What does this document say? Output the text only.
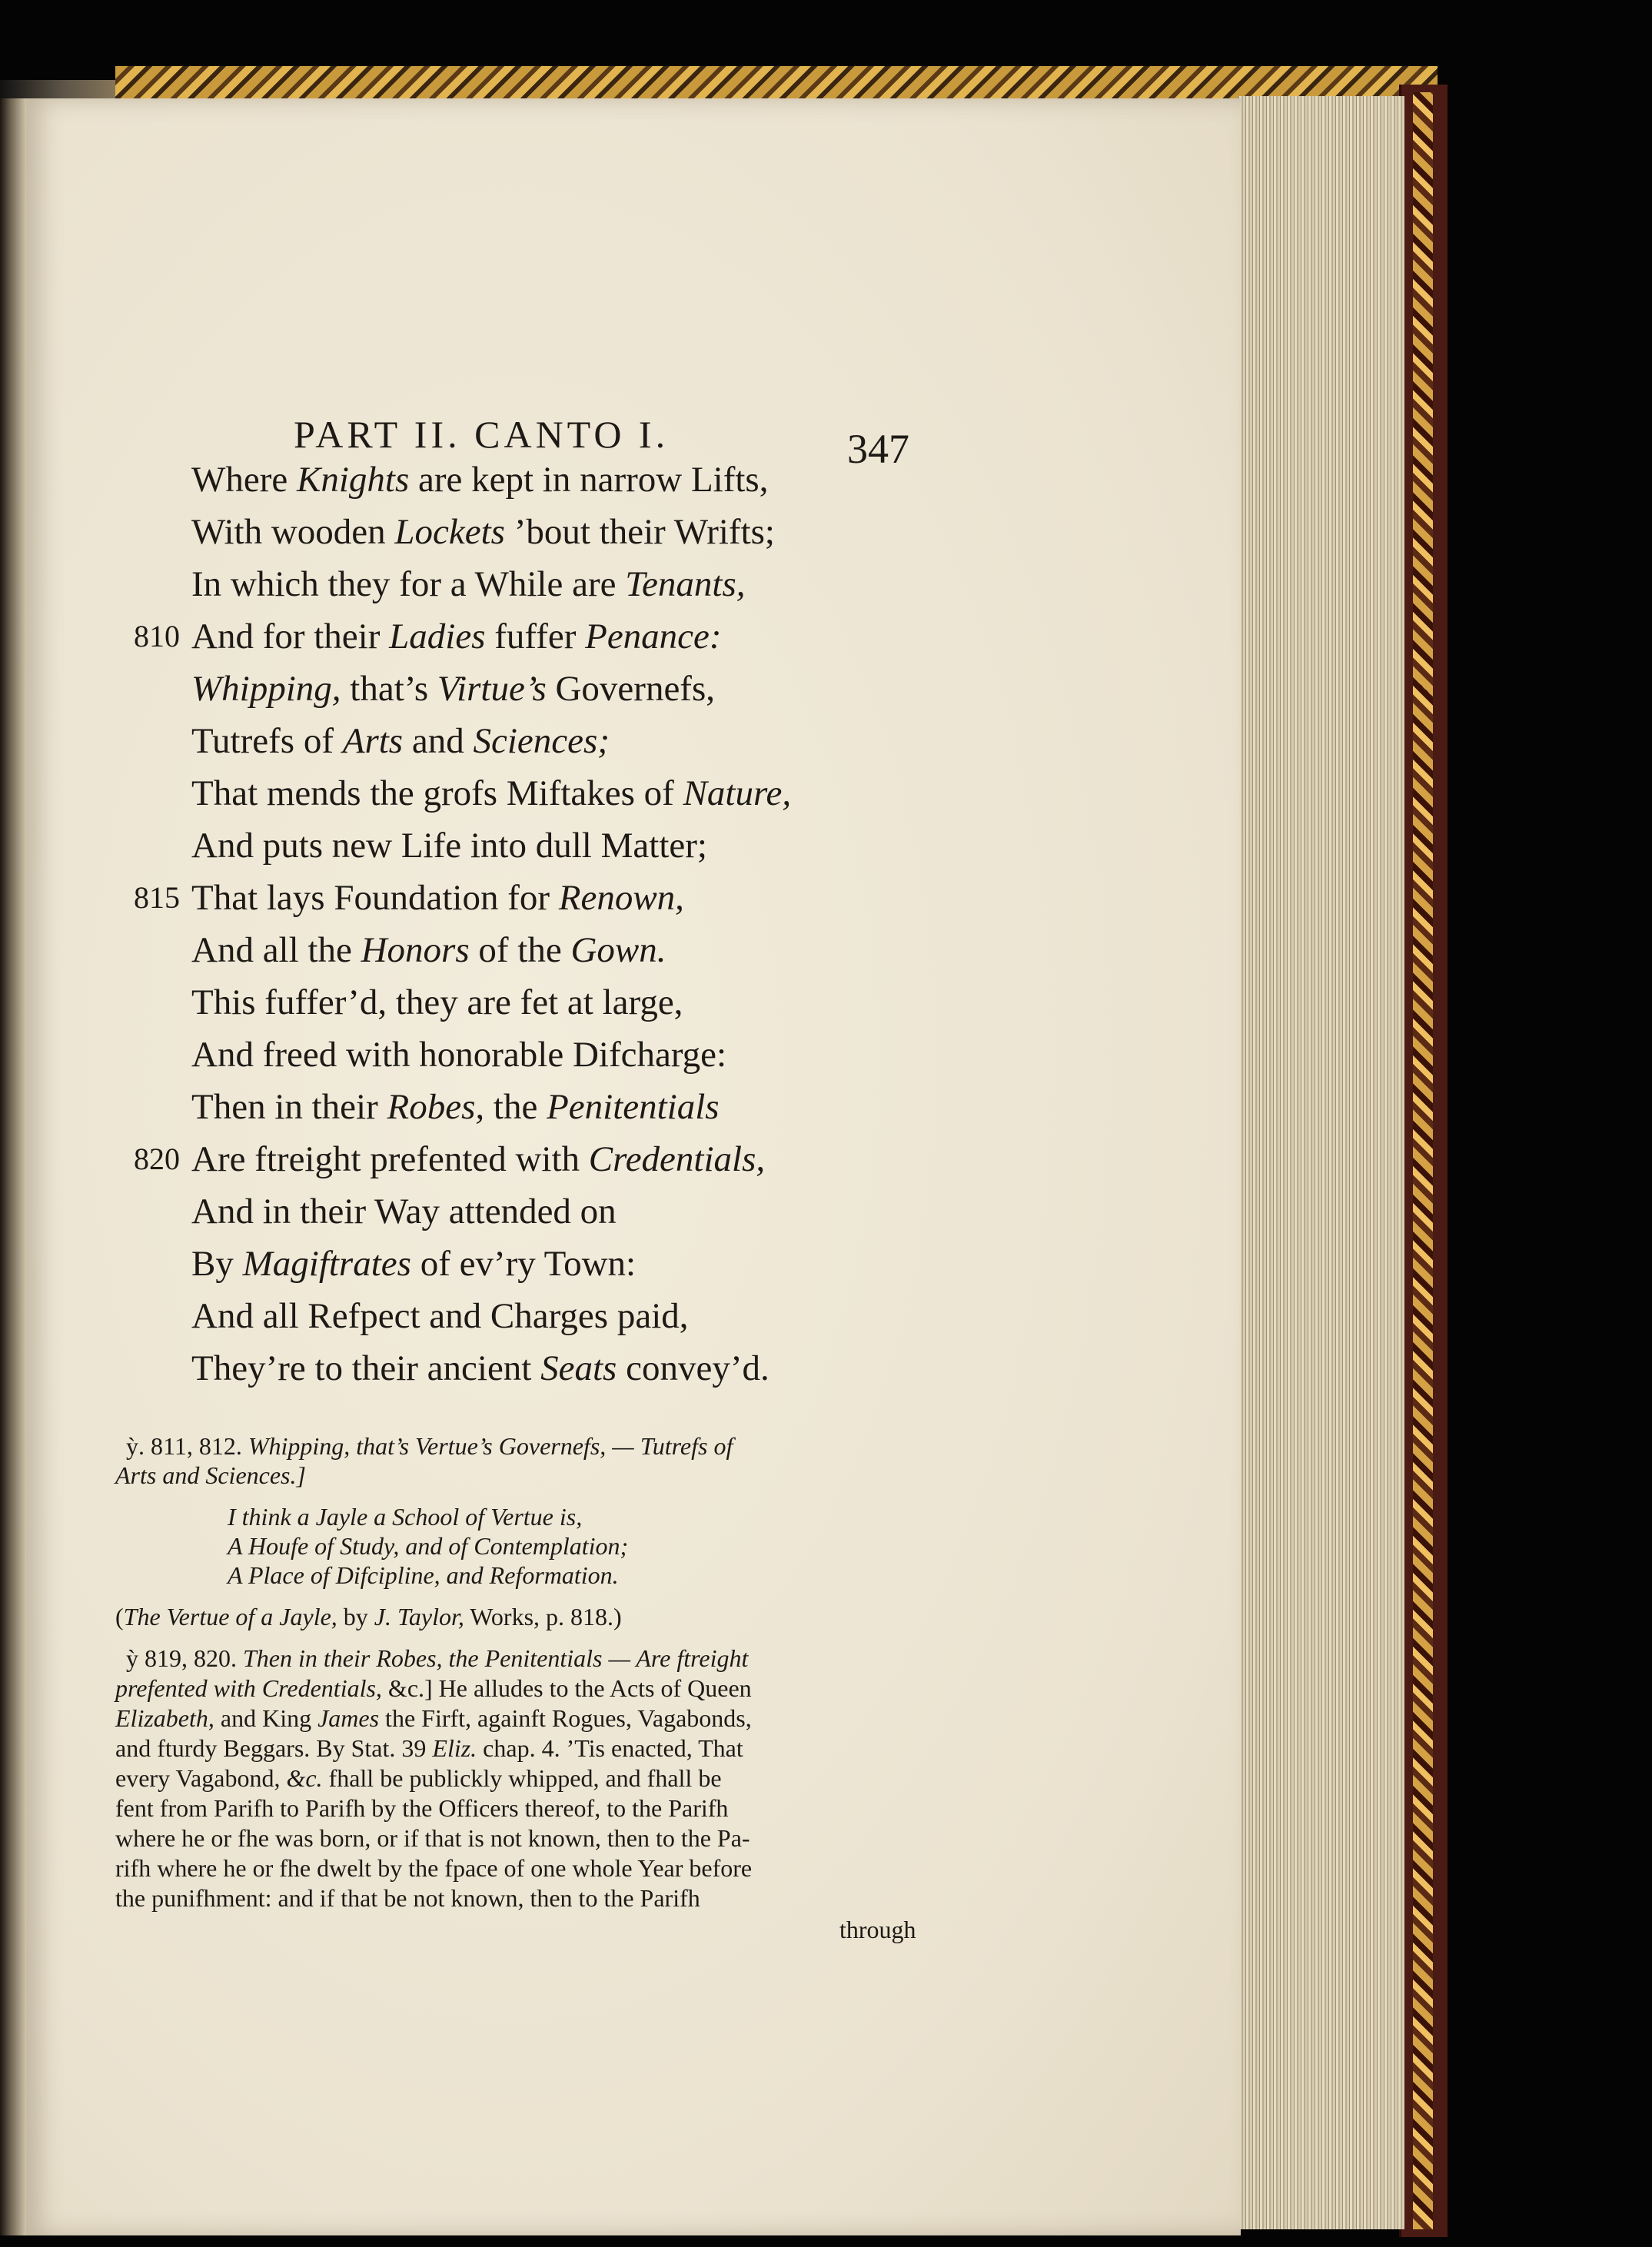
PART II. CANTO I.	347
Where Knights are kept in narrow Lifts,
With wooden Lockets ’bout their Wrifts;
In which they for a While are Tenants,
810 And for their Ladies fuffer Penance:
Whipping, that’s Virtue’s Governefs,
Tutrefs of Arts and Sciences;
That mends the grofs Miftakes of Nature,
And puts new Life into dull Matter;
815 That lays Foundation for Renown,
And all the Honors of the Gown.
This fuffer’d, they are fet at large,
And freed with honorable Difcharge:
Then in their Robes, the Penitentials
820 Are ftreight prefented with Credentials,
And in their Way attended on
By Magiftrates of ev’ry Town:
And all Refpect and Charges paid,
They’re to their ancient Seats convey’d.
ỳ. 811, 812. Whipping, that’s Vertue’s Governefs, — Tutrefs of
Arts and Sciences.]
I think a Jayle a School of Vertue is,
A Houfe of Study, and of Contemplation;
A Place of Difcipline, and Reformation.
(The Vertue of a Jayle, by J. Taylor, Works, p. 818.)
ỳ 819, 820. Then in their Robes, the Penitentials — Are ftreight
prefented with Credentials, &c.] He alludes to the Acts of Queen
Elizabeth, and King James the Firft, againft Rogues, Vagabonds,
and fturdy Beggars. By Stat. 39 Eliz. chap. 4. ’Tis enacted, That
every Vagabond, &c. fhall be publickly whipped, and fhall be
fent from Parifh to Parifh by the Officers thereof, to the Parifh
where he or fhe was born, or if that is not known, then to the Pa-
rifh where he or fhe dwelt by the fpace of one whole Year before
the punifhment: and if that be not known, then to the Parifh
through
